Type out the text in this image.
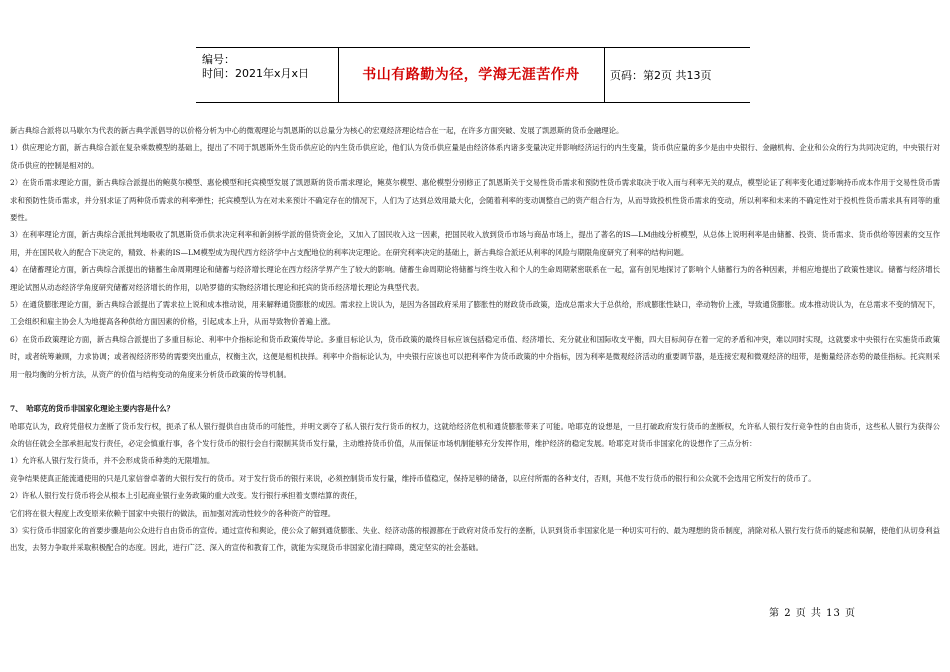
编号：
时间：2021年x月x日	书山有路勤为径，学海无涯苦作舟	页码：第2页 共13页

新古典综合派将以马歇尔为代表的新古典学派倡导的以价格分析为中心的微观理论与凯恩斯的以总量分为核心的宏观经济理论结合在一起，在许多方面突破、发展了凯恩斯的货币金融理论。

1）供应理论方面，新古典综合派在复杂乘数模型的基础上，提出了不同于凯恩斯外生货币供应论的内生货币供应论，他们认为货币供应量是由经济体系内诸多变量决定并影响经济运行的内生变量，货币供应量的多少是由中央银行、金融机构、企业和公众的行为共同决定的，中央银行对货币供应的控制是相对的。

2）在货币需求理论方面，新古典综合派提出的鲍莫尔模型、惠伦模型和托宾模型发展了凯恩斯的货币需求理论，鲍莫尔模型、惠伦模型分别修正了凯恩斯关于交易性货币需求和预防性货币需求取决于收入而与利率无关的观点，模型论证了利率变化通过影响持币成本作用于交易性货币需求和预防性货币需求，并分别求证了两种货币需求的利率弹性；托宾模型认为在对未来预计不确定存在的情况下，人们为了达到总效用最大化，会随着利率的变动调整自己的资产组合行为，从而导致投机性货币需求的变动，所以利率和未来的不确定性对于投机性货币需求具有同等的重要性。

3）在利率理论方面，新古典综合派批判地吸收了凯恩斯货币供求决定利率和新剑桥学派的借贷资金论，又加入了国民收入这一因素，把国民收入放到货币市场与商品市场上，提出了著名的IS—LM曲线分析模型，从总体上说明利率是由储蓄、投资、货币需求、货币供给等因素的交互作用，并在国民收入的配合下决定的，精致、朴素的IS—LM模型成为现代西方经济学中占支配地位的利率决定理论。在研究利率决定的基础上，新古典综合派还从利率的风险与期限角度研究了利率的结构问题。

4）在储蓄理论方面，新古典综合派提出的储蓄生命周期理论和储蓄与经济增长理论在西方经济学界产生了较大的影响。储蓄生命周期论将储蓄与终生收入和个人的生命周期紧密联系在一起，富有创见地探讨了影响个人储蓄行为的各种因素，并相应地提出了政策性建议。储蓄与经济增长理论试图从动态经济学角度研究储蓄对经济增长的作用，以哈罗德的实物经济增长理论和托宾的货币经济增长理论为典型代表。

5）在通货膨胀理论方面，新古典综合派提出了需求拉上说和成本推动说，用来解释通货膨胀的成因。需求拉上说认为，是因为各国政府采用了膨胀性的财政货币政策，造成总需求大于总供给，形成膨胀性缺口，牵动物价上涨，导致通货膨胀。成本推动说认为，在总需求不变的情况下，工会组织和雇主协会人为地提高各种供给方面因素的价格，引起成本上升，从而导致物价普遍上涨。

6）在货币政策理论方面，新古典综合派提出了多重目标论、利率中介指标论和货币政策传导论。多重目标论认为，货币政策的最终目标应该包括稳定币值、经济增长、充分就业和国际收支平衡，四大目标间存在着一定的矛盾和冲突，难以同时实现，这就要求中央银行在实施货币政策时，或者统筹兼顾，力求协调；或者视经济形势的需要突出重点，权衡主次，这便是相机抉择。利率中介指标论认为，中央银行应该也可以把利率作为货币政策的中介指标，因为利率是微观经济活动的重要调节器，是连接宏观和微观经济的纽带，是衡量经济态势的最佳指标。托宾则采用一般均衡的分析方法，从资产的价值与结构变动的角度来分析货币政策的传导机制。

7、　哈耶克的货币非国家化理论主要内容是什么？

哈耶克认为，政府凭借权力垄断了货币发行权，扼杀了私人银行提供自由货币的可能性，并明文剥夺了私人银行发行货币的权力，这就给经济危机和通货膨胀带来了可能。哈耶克的设想是，一旦打破政府发行货币的垄断权，允许私人银行发行竞争性的自由货币，这些私人银行为获得公众的信任就会全部承担起发行责任，必定会慎重行事，各个发行货币的银行会自行限制其货币发行量，主动维持货币价值，从而保证市场机制能够充分发挥作用，维护经济的稳定发展。哈耶克对货币非国家化的设想作了三点分析：

1）允许私人银行发行货币，并不会形成货币种类的无限增加。

竞争结果使真正能流通使用的只是几家信誉卓著的大银行发行的货币。对于发行货币的银行来说，必须控制货币发行量，维持币值稳定，保持足够的储备，以应付所需的各种支付，否则，其他不发行货币的银行和公众就不会选用它所发行的货币了。

2）许私人银行发行货币将会从根本上引起商业银行业务政策的重大改变。发行银行承担着支票结算的责任，

它们将在很大程度上改变原来依赖于国家中央银行的做法，而加强对流动性较少的各种资产的管理。

3）实行货币非国家化的首要步骤是向公众进行自由货币的宣传。通过宣传和舆论，使公众了解到通货膨胀、失业、经济动荡的根源都在于政府对货币发行的垄断，认识到货币非国家化是一种切实可行的、最为理想的货币制度，消除对私人银行发行货币的疑虑和误解，使他们从切身利益出发，去努力争取并采取积极配合的态度。因此，进行广泛、深入的宣传和教育工作，就能为实现货币非国家化清扫障碍，奠定坚实的社会基础。

第 2 页 共 13 页
